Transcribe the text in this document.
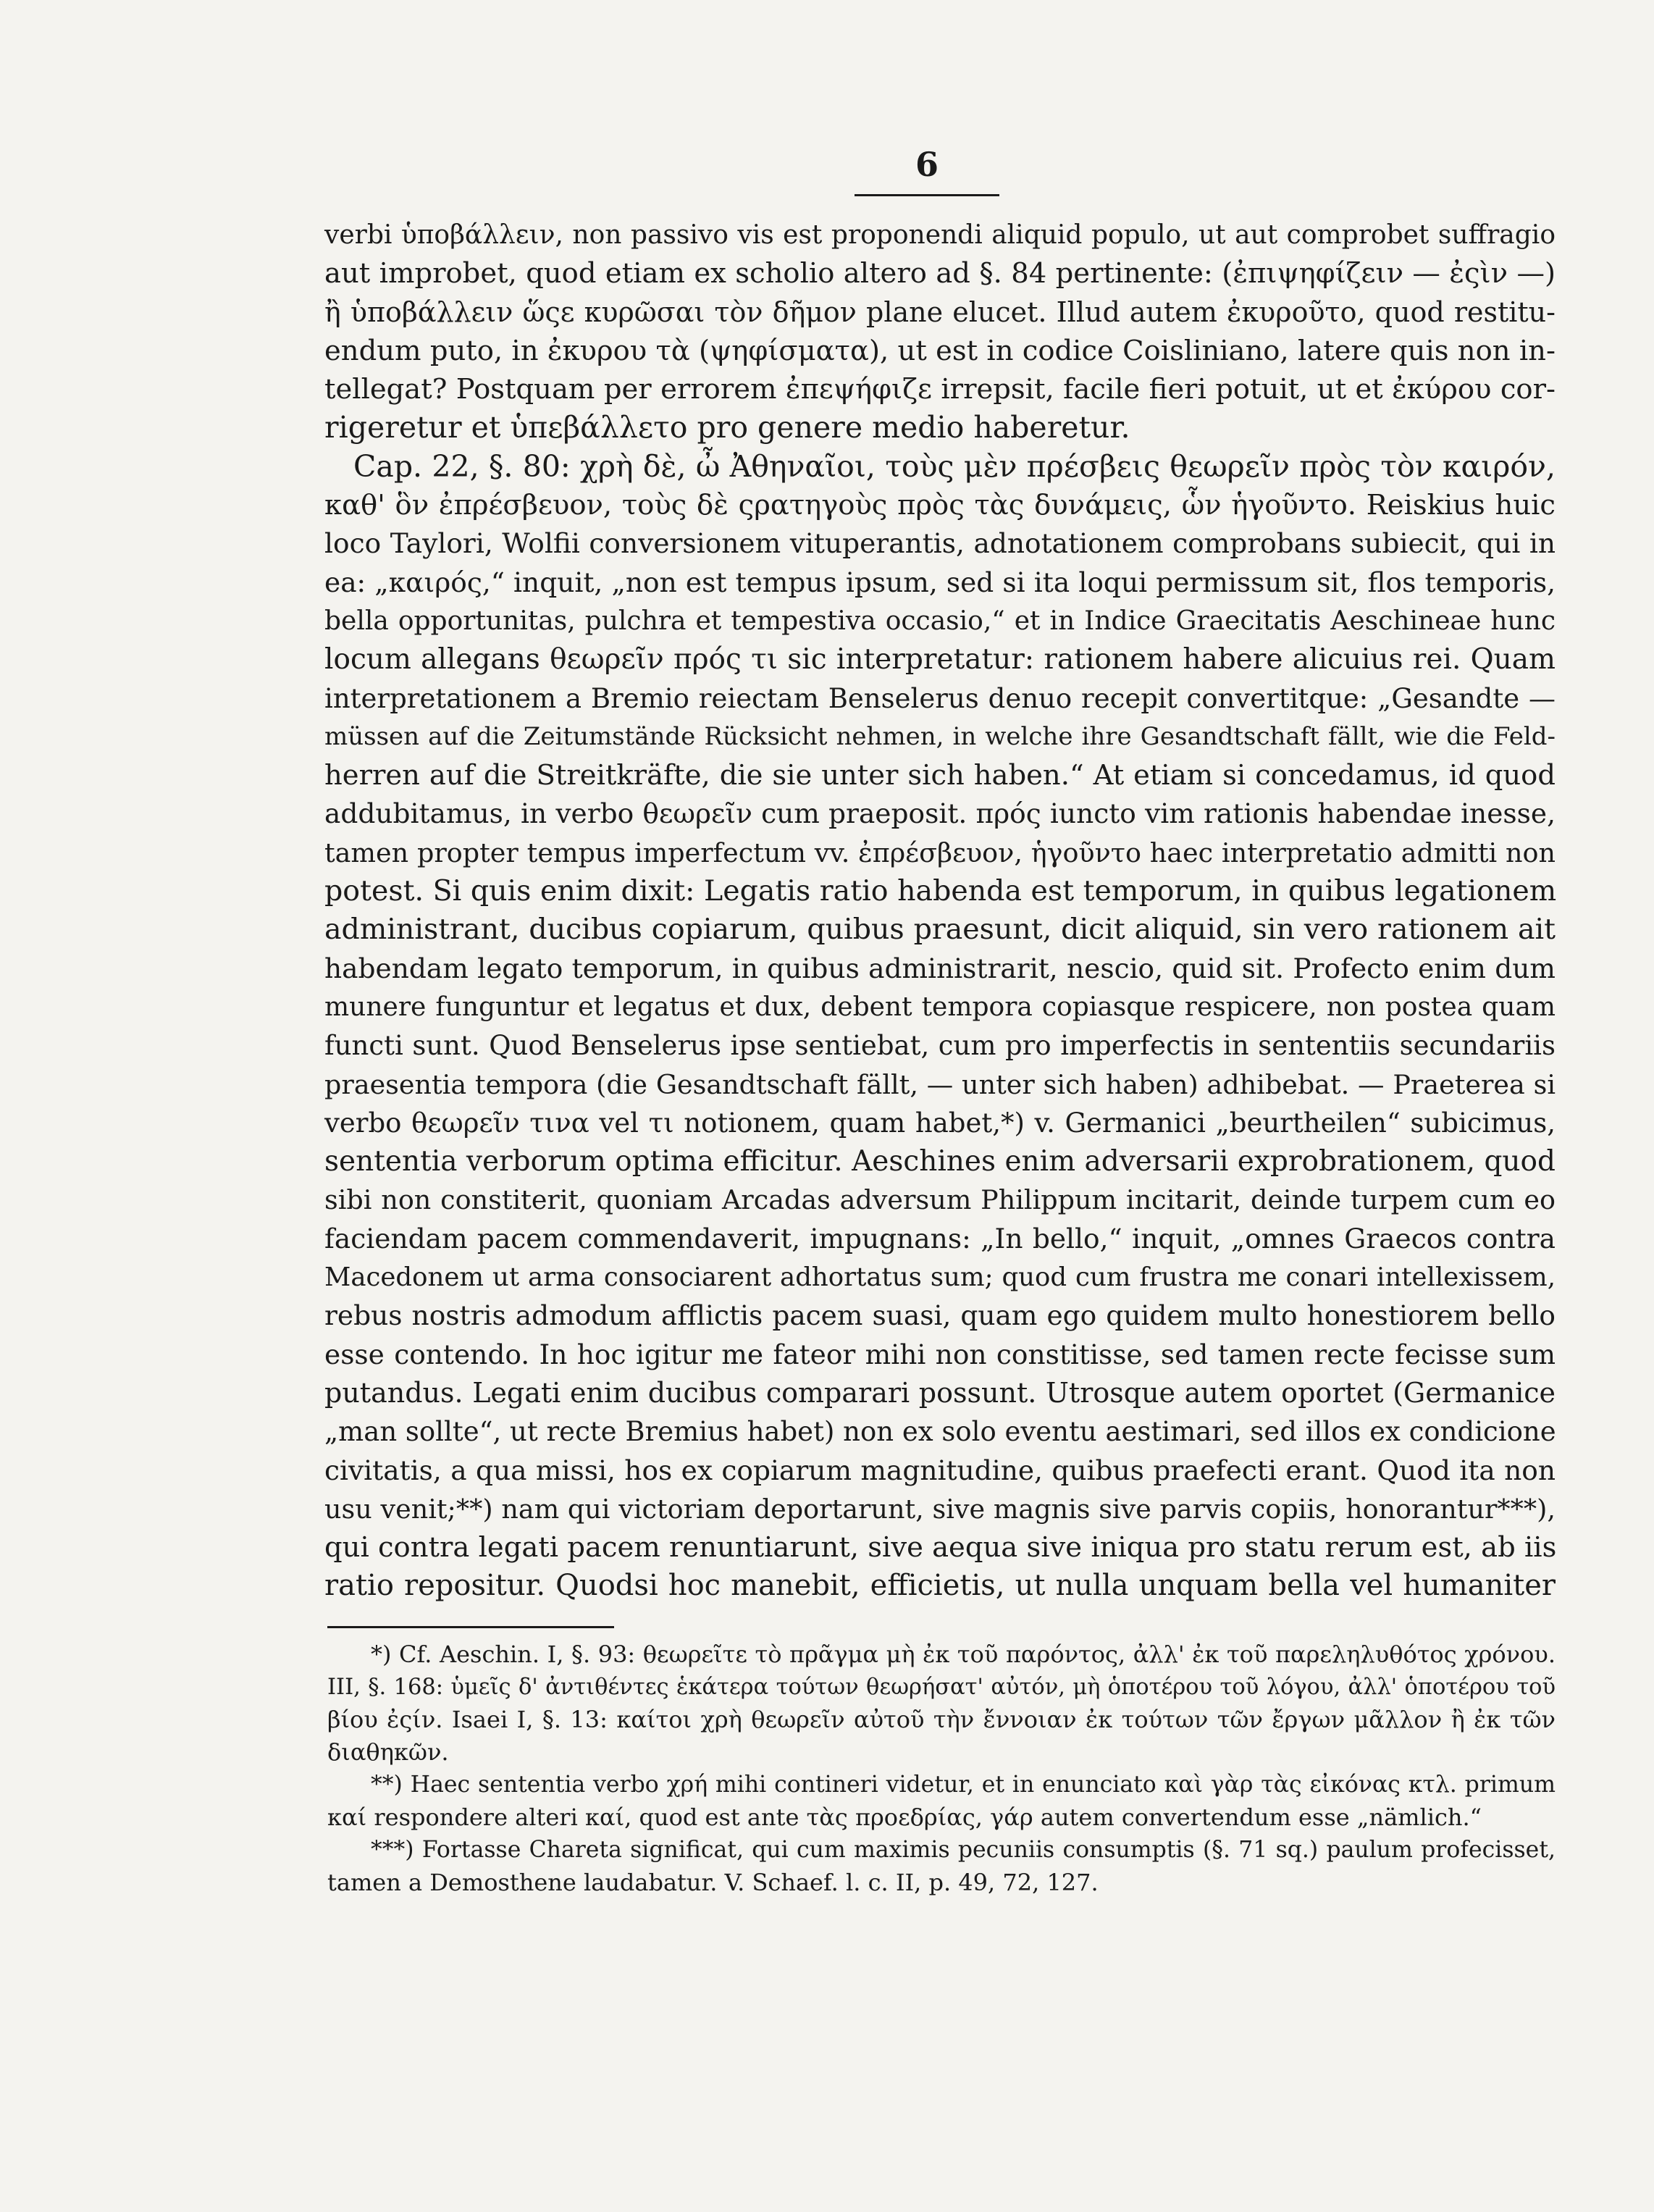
6
verbi ὑποβάλλειν, non passivo vis est proponendi aliquid populo, ut aut comprobet suffragio
aut improbet, quod etiam ex scholio altero ad §. 84 pertinente: (ἐπιψηφίζειν — ἐςὶν —)
ἢ ὑποβάλλειν ὥςε κυρῶσαι τὸν δῆμον plane elucet. Illud autem ἐκυροῦτο, quod restitu-
endum puto, in ἐκυρου τὰ (ψηφίσματα), ut est in codice Coisliniano, latere quis non in-
tellegat? Postquam per errorem ἐπεψήφιζε irrepsit, facile fieri potuit, ut et ἐκύρου cor-
rigeretur et ὑπεβάλλετο pro genere medio haberetur.
Cap. 22, §. 80: χρὴ δὲ, ὦ Ἀθηναῖοι, τοὺς μὲν πρέσβεις θεωρεῖν πρὸς τὸν καιρόν,
καθ' ὃν ἐπρέσβευον, τοὺς δὲ ςρατηγοὺς πρὸς τὰς δυνάμεις, ὧν ἡγοῦντο. Reiskius huic
loco Taylori, Wolfii conversionem vituperantis, adnotationem comprobans subiecit, qui in
ea: „καιρός,“ inquit, „non est tempus ipsum, sed si ita loqui permissum sit, flos temporis,
bella opportunitas, pulchra et tempestiva occasio,“ et in Indice Graecitatis Aeschineae hunc
locum allegans θεωρεῖν πρός τι sic interpretatur: rationem habere alicuius rei. Quam
interpretationem a Bremio reiectam Benselerus denuo recepit convertitque: „Gesandte —
müssen auf die Zeitumstände Rücksicht nehmen, in welche ihre Gesandtschaft fällt, wie die Feld-
herren auf die Streitkräfte, die sie unter sich haben.“ At etiam si concedamus, id quod
addubitamus, in verbo θεωρεῖν cum praeposit. πρός iuncto vim rationis habendae inesse,
tamen propter tempus imperfectum vv. ἐπρέσβευον, ἡγοῦντο haec interpretatio admitti non
potest. Si quis enim dixit: Legatis ratio habenda est temporum, in quibus legationem
administrant, ducibus copiarum, quibus praesunt, dicit aliquid, sin vero rationem ait
habendam legato temporum, in quibus administrarit, nescio, quid sit. Profecto enim dum
munere funguntur et legatus et dux, debent tempora copiasque respicere, non postea quam
functi sunt. Quod Benselerus ipse sentiebat, cum pro imperfectis in sententiis secundariis
praesentia tempora (die Gesandtschaft fällt, — unter sich haben) adhibebat. — Praeterea si
verbo θεωρεῖν τινα vel τι notionem, quam habet,*) v. Germanici „beurtheilen“ subicimus,
sententia verborum optima efficitur. Aeschines enim adversarii exprobrationem, quod
sibi non constiterit, quoniam Arcadas adversum Philippum incitarit, deinde turpem cum eo
faciendam pacem commendaverit, impugnans: „In bello,“ inquit, „omnes Graecos contra
Macedonem ut arma consociarent adhortatus sum; quod cum frustra me conari intellexissem,
rebus nostris admodum afflictis pacem suasi, quam ego quidem multo honestiorem bello
esse contendo. In hoc igitur me fateor mihi non constitisse, sed tamen recte fecisse sum
putandus. Legati enim ducibus comparari possunt. Utrosque autem oportet (Germanice
„man sollte“, ut recte Bremius habet) non ex solo eventu aestimari, sed illos ex condicione
civitatis, a qua missi, hos ex copiarum magnitudine, quibus praefecti erant. Quod ita non
usu venit;**) nam qui victoriam deportarunt, sive magnis sive parvis copiis, honorantur***),
qui contra legati pacem renuntiarunt, sive aequa sive iniqua pro statu rerum est, ab iis
ratio repositur. Quodsi hoc manebit, efficietis, ut nulla unquam bella vel humaniter
*) Cf. Aeschin. I, §. 93: θεωρεῖτε τὸ πρᾶγμα μὴ ἐκ τοῦ παρόντος, ἀλλ' ἐκ τοῦ παρεληλυθότος χρόνου.
III, §. 168: ὑμεῖς δ' ἀντιθέντες ἑκάτερα τούτων θεωρήσατ' αὐτόν, μὴ ὁποτέρου τοῦ λόγου, ἀλλ' ὁποτέρου τοῦ
βίου ἐςίν. Isaei I, §. 13: καίτοι χρὴ θεωρεῖν αὐτοῦ τὴν ἔννοιαν ἐκ τούτων τῶν ἔργων μᾶλλον ἢ ἐκ τῶν
διαθηκῶν.
**) Haec sententia verbo χρή mihi contineri videtur, et in enunciato καὶ γὰρ τὰς εἰκόνας κτλ. primum
καί respondere alteri καί, quod est ante τὰς προεδρίας, γάρ autem convertendum esse „nämlich.“
***) Fortasse Chareta significat, qui cum maximis pecuniis consumptis (§. 71 sq.) paulum profecisset,
tamen a Demosthene laudabatur. V. Schaef. l. c. II, p. 49, 72, 127.
